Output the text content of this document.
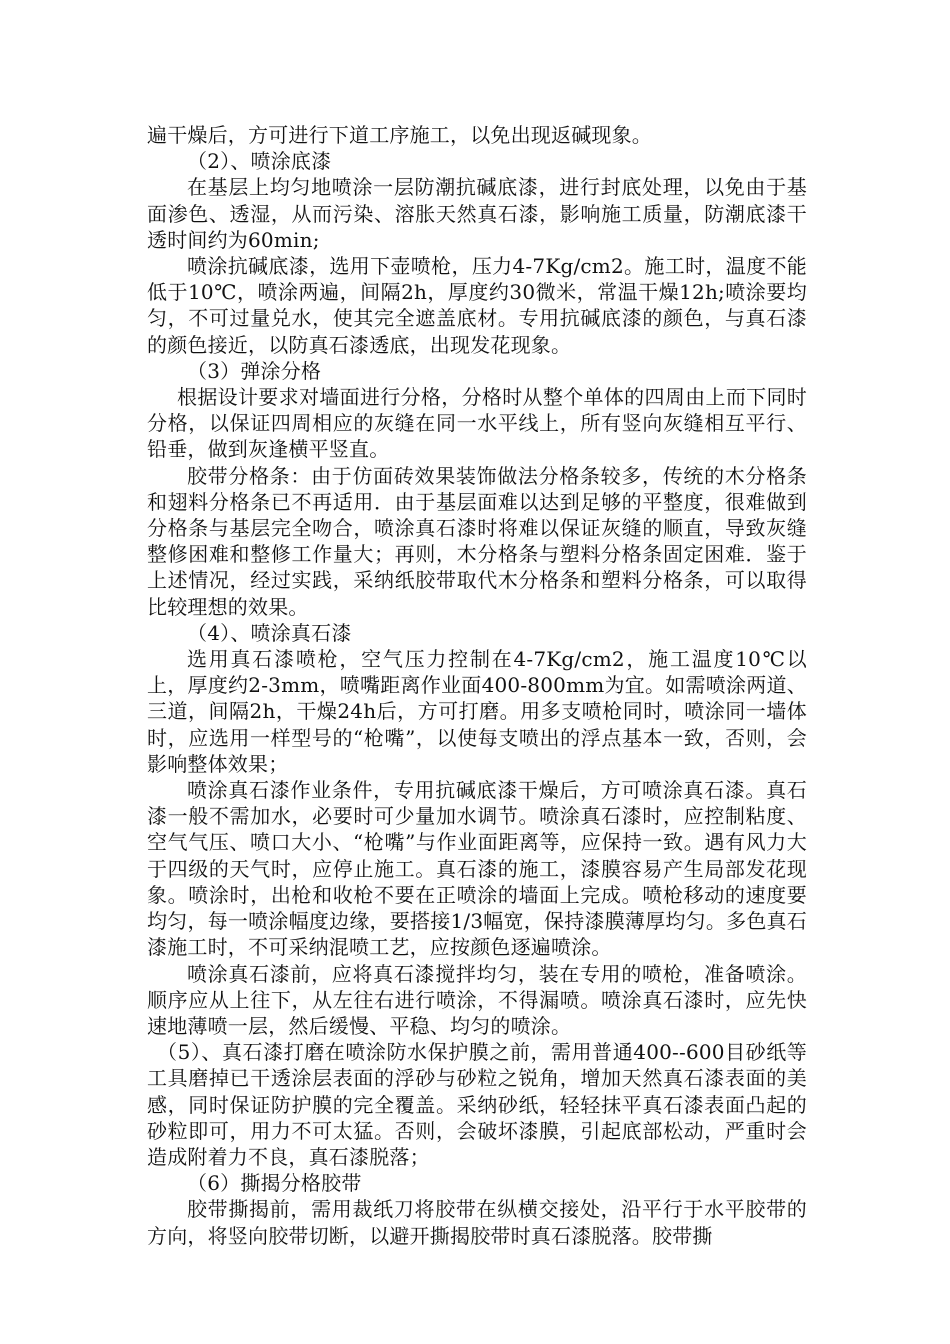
遍干燥后，方可进行下道工序施工，以免出现返碱现象。

（2）、喷涂底漆

在基层上均匀地喷涂一层防潮抗碱底漆，进行封底处理，以免由于基面渗色、透湿，从而污染、溶胀天然真石漆，影响施工质量，防潮底漆干透时间约为60min;

喷涂抗碱底漆，选用下壶喷枪，压力4-7Kg/cm2。施工时，温度不能低于10℃，喷涂两遍，间隔2h，厚度约30微米，常温干燥12h;喷涂要均匀，不可过量兑水，使其完全遮盖底材。专用抗碱底漆的颜色，与真石漆的颜色接近，以防真石漆透底，出现发花现象。

（3）弹涂分格

根据设计要求对墙面进行分格，分格时从整个单体的四周由上而下同时分格，以保证四周相应的灰缝在同一水平线上，所有竖向灰缝相互平行、铅垂，做到灰逢横平竖直。

胶带分格条：由于仿面砖效果装饰做法分格条较多，传统的木分格条和翅料分格条已不再适用．由于基层面难以达到足够的平整度，很难做到分格条与基层完全吻合，喷涂真石漆时将难以保证灰缝的顺直，导致灰缝整修困难和整修工作量大；再则，木分格条与塑料分格条固定困难．鉴于上述情况，经过实践，采纳纸胶带取代木分格条和塑料分格条，可以取得比较理想的效果。

（4）、喷涂真石漆

选用真石漆喷枪，空气压力控制在4-7Kg/cm2，施工温度10℃以上，厚度约2-3mm，喷嘴距离作业面400-800mm为宜。如需喷涂两道、三道，间隔2h，干燥24h后，方可打磨。用多支喷枪同时，喷涂同一墙体时，应选用一样型号的“枪嘴”，以使每支喷出的浮点基本一致，否则，会影响整体效果；

喷涂真石漆作业条件，专用抗碱底漆干燥后，方可喷涂真石漆。真石漆一般不需加水，必要时可少量加水调节。喷涂真石漆时，应控制粘度、空气气压、喷口大小、“枪嘴”与作业面距离等，应保持一致。遇有风力大于四级的天气时，应停止施工。真石漆的施工，漆膜容易产生局部发花现象。喷涂时，出枪和收枪不要在正喷涂的墙面上完成。喷枪移动的速度要均匀，每一喷涂幅度边缘，要搭接1/3幅宽，保持漆膜薄厚均匀。多色真石漆施工时，不可采纳混喷工艺，应按颜色逐遍喷涂。

喷涂真石漆前，应将真石漆搅拌均匀，装在专用的喷枪，准备喷涂。顺序应从上往下，从左往右进行喷涂，不得漏喷。喷涂真石漆时，应先快速地薄喷一层，然后缓慢、平稳、均匀的喷涂。

（5）、真石漆打磨在喷涂防水保护膜之前，需用普通400--600目砂纸等工具磨掉已干透涂层表面的浮砂与砂粒之锐角，增加天然真石漆表面的美感，同时保证防护膜的完全覆盖。采纳砂纸，轻轻抹平真石漆表面凸起的砂粒即可，用力不可太猛。否则，会破坏漆膜，引起底部松动，严重时会造成附着力不良，真石漆脱落；

（6）撕揭分格胶带

胶带撕揭前，需用裁纸刀将胶带在纵横交接处，沿平行于水平胶带的方向，将竖向胶带切断，以避开撕揭胶带时真石漆脱落。胶带撕
